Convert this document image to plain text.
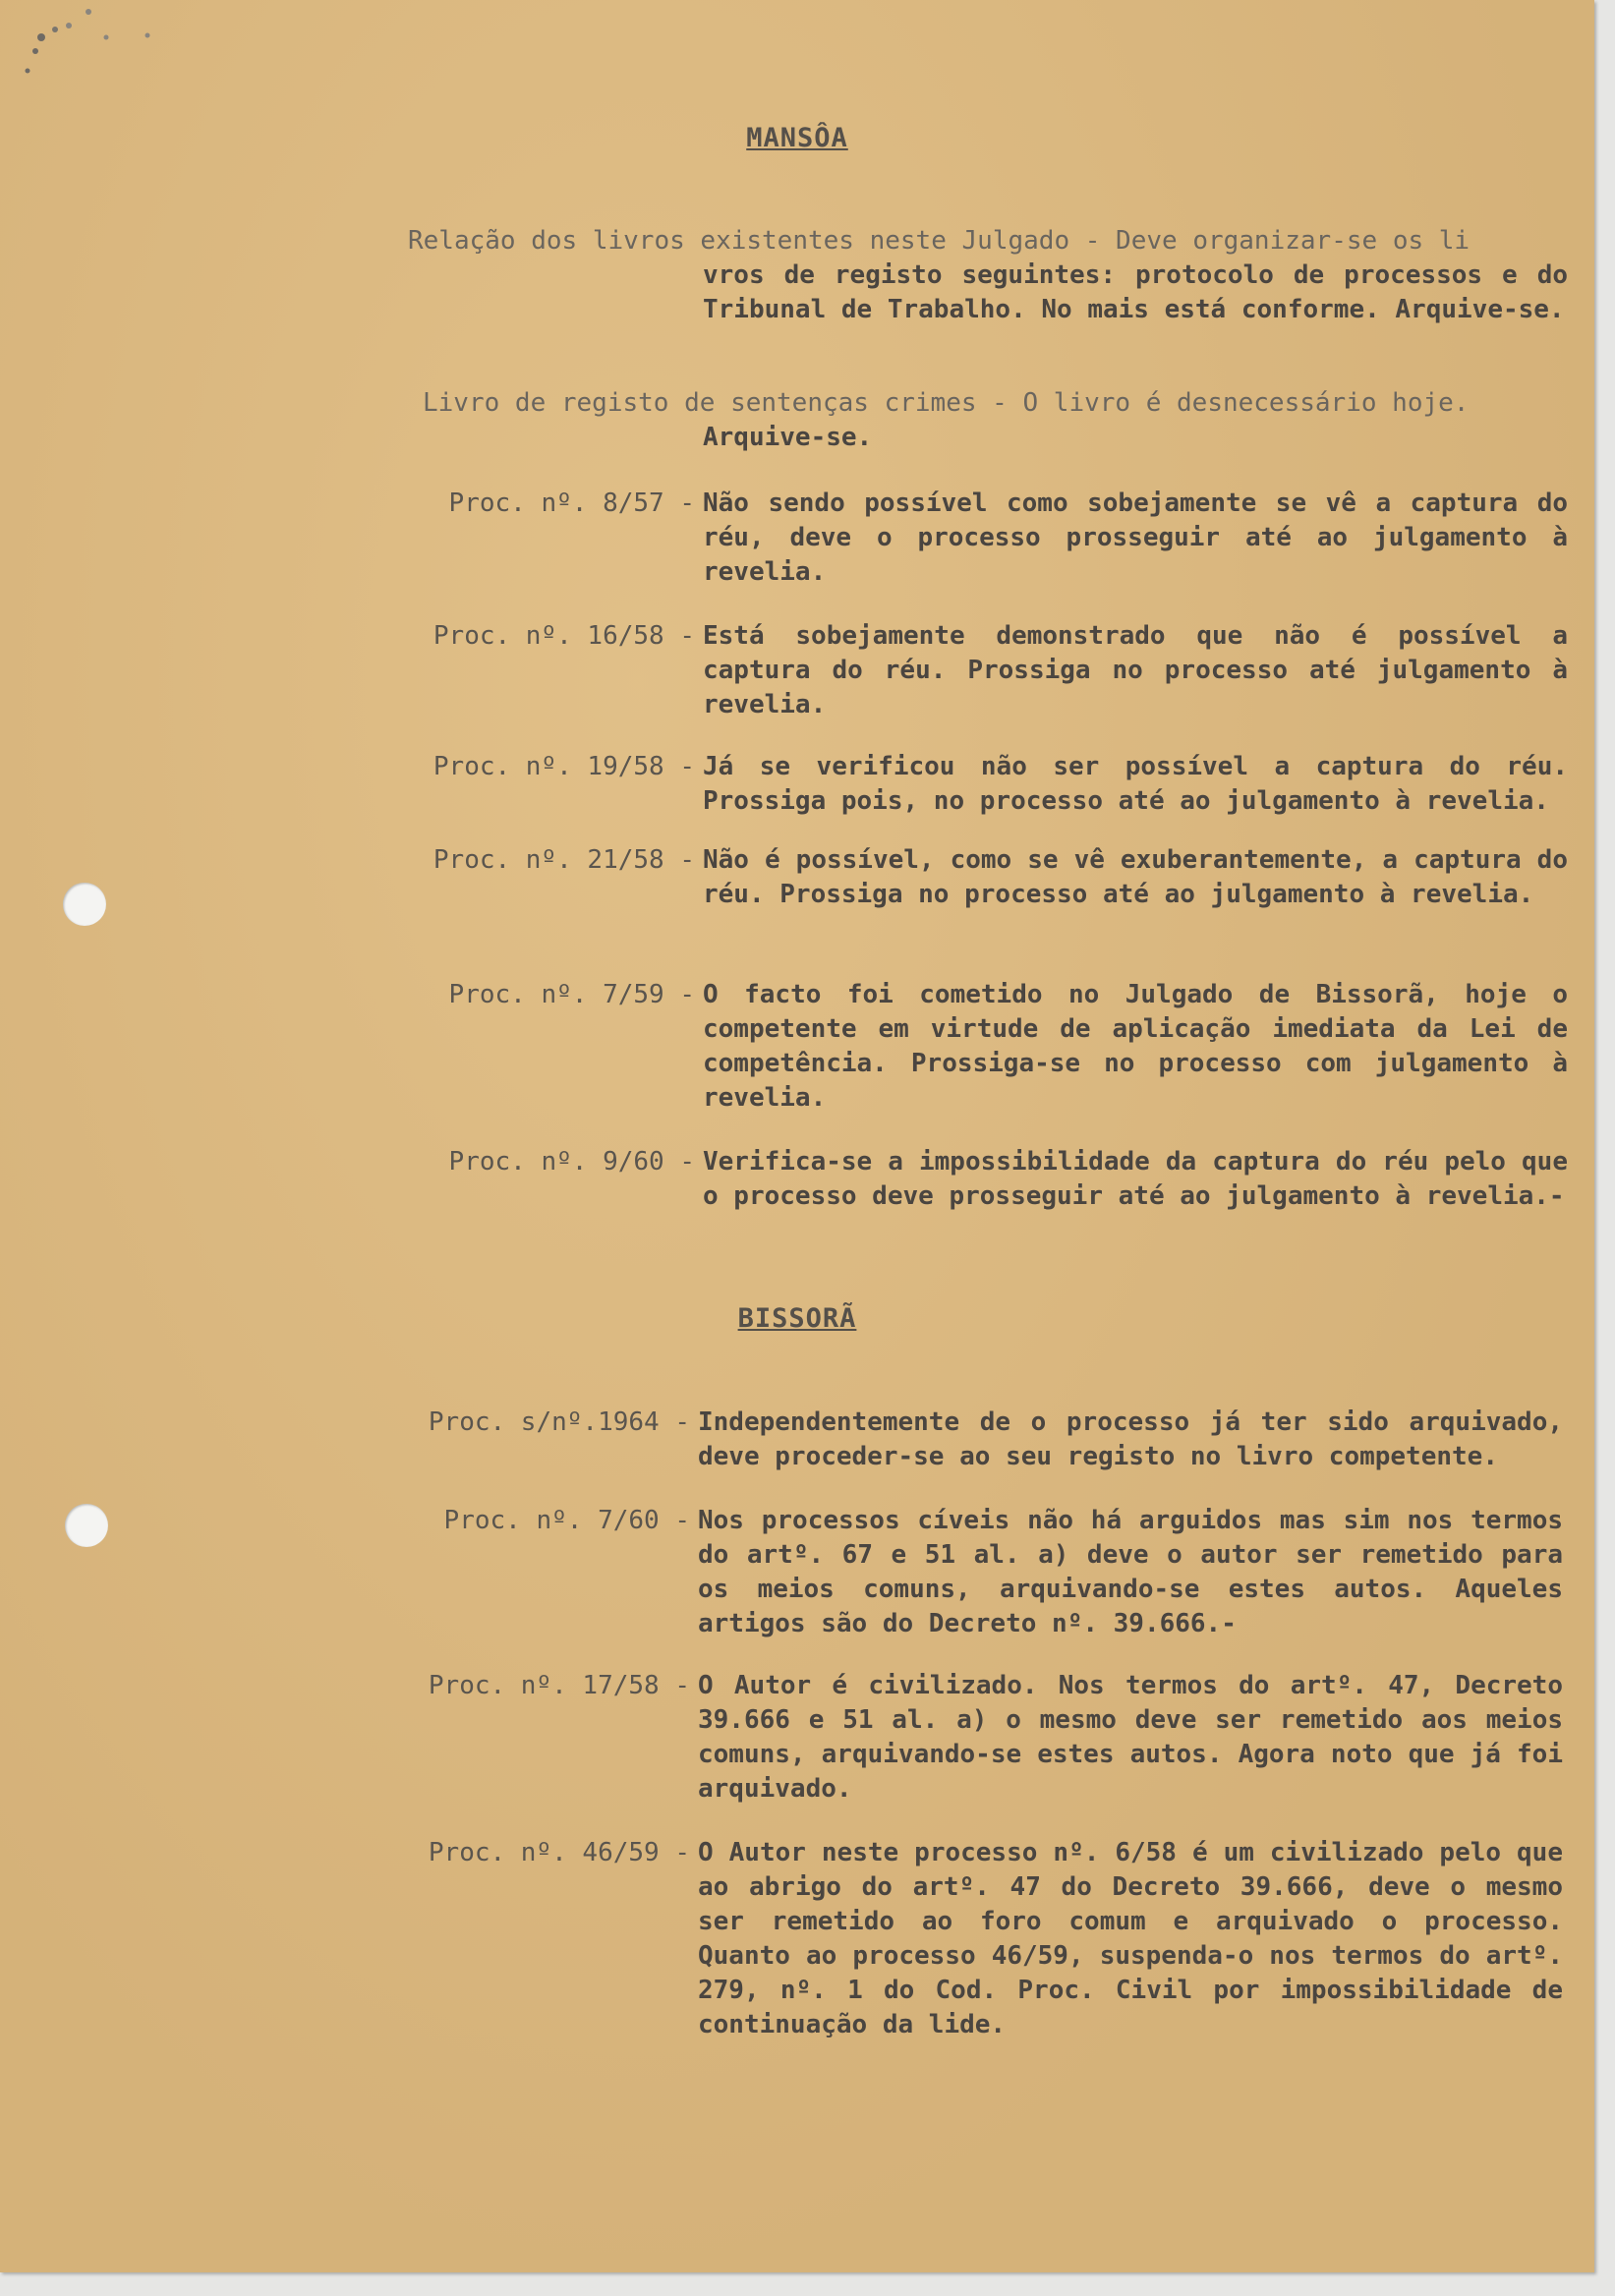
MANSÔA
Relação dos livros existentes neste Julgado - Deve organizar-se os li
vros de registo seguintes: protocolo de processos e do Tribunal de Trabalho. No mais está conforme. Arquive-se.
Livro de registo de sentenças crimes - O livro é desnecessário hoje.
Arquive-se.
Proc. nº. 8/57 - Não sendo possível como sobejamente se vê a captura do réu, deve o processo prosseguir até ao julgamento à revelia.
Proc. nº. 16/58 - Está sobejamente demonstrado que não é possível a captura do réu. Prossiga no processo até julgamento à revelia.
Proc. nº. 19/58 - Já se verificou não ser possível a captura do réu. Prossiga pois, no processo até ao julgamento à revelia.
Proc. nº. 21/58 - Não é possível, como se vê exuberantemente, a captura do réu. Prossiga no processo até ao julgamento à revelia.
Proc. nº. 7/59 - O facto foi cometido no Julgado de Bissorã, hoje o competente em virtude de aplicação imediata da Lei de competência. Prossiga-se no processo com julgamento à revelia.
Proc. nº. 9/60 - Verifica-se a impossibilidade da captura do réu pelo que o processo deve prosseguir até ao julgamento à revelia.-
BISSORÃ
Proc. s/nº.1964 - Independentemente de o processo já ter sido arquivado, deve proceder-se ao seu registo no livro competente.
Proc. nº. 7/60 - Nos processos cíveis não há arguidos mas sim nos termos do artº. 67 e 51 al. a) deve o autor ser remetido para os meios comuns, arquivando-se estes autos. Aqueles artigos são do Decreto nº. 39.666.-
Proc. nº. 17/58 - O Autor é civilizado. Nos termos do artº. 47, Decreto 39.666 e 51 al. a) o mesmo deve ser remetido aos meios comuns, arquivando-se estes autos. Agora noto que já foi arquivado.
Proc. nº. 46/59 - O Autor neste processo nº. 6/58 é um civilizado pelo que ao abrigo do artº. 47 do Decreto 39.666, deve o mesmo ser remetido ao foro comum e arquivado o processo. Quanto ao processo 46/59, suspenda-o nos termos do artº. 279, nº. 1 do Cod. Proc. Civil por impossibilidade de continuação da lide.
